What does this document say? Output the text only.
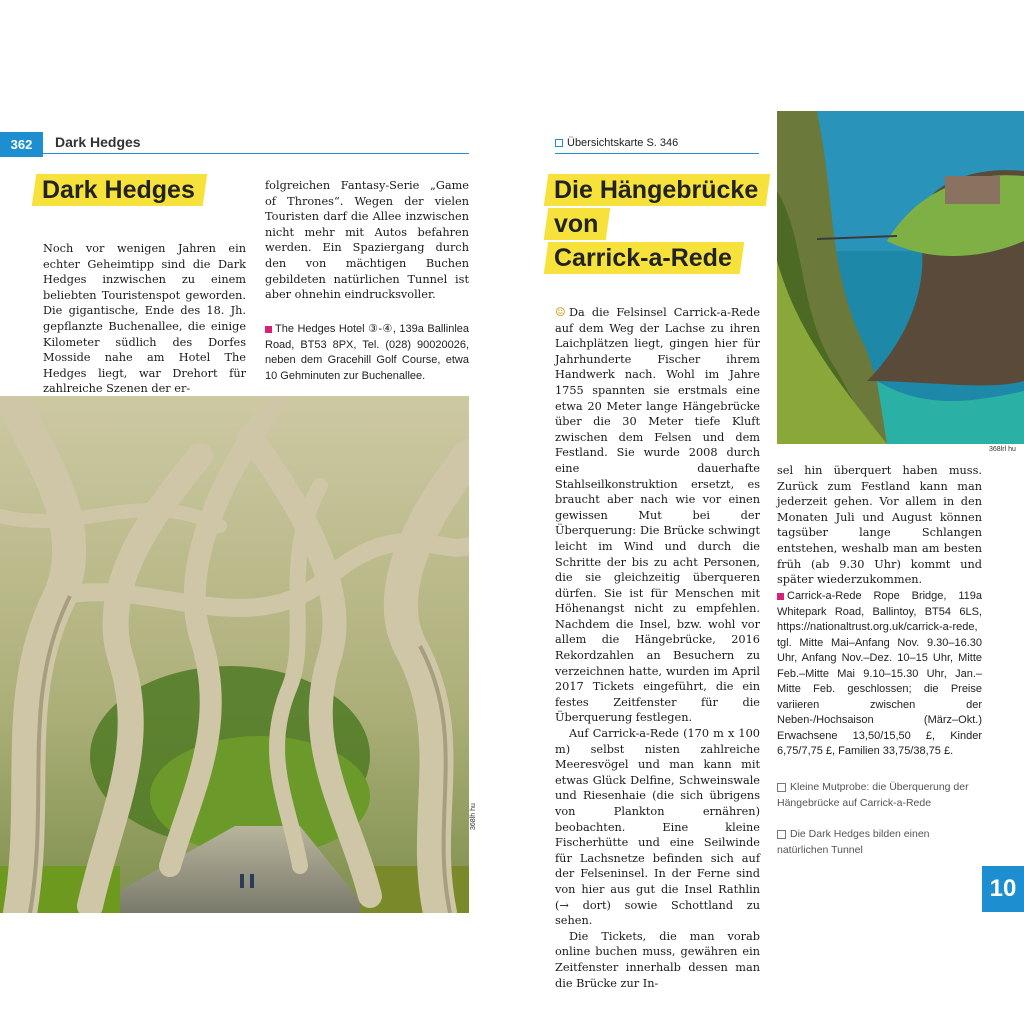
362	Dark Hedges
Dark Hedges
Noch vor wenigen Jahren ein echter Geheimtipp sind die Dark Hedges inzwischen zu einem beliebten Touristenspot geworden. Die gigantische, Ende des 18. Jh. gepflanzte Buchenallee, die einige Kilometer südlich des Dorfes Mosside nahe am Hotel The Hedges liegt, war Drehort für zahlreiche Szenen der er-
folgreichen Fantasy-Serie „Game of Thrones“. Wegen der vielen Touristen darf die Allee inzwischen nicht mehr mit Autos befahren werden. Ein Spaziergang durch den von mächtigen Buchen gebildeten natürlichen Tunnel ist aber ohnehin eindrucksvoller.
The Hedges Hotel ③-④, 139a Ballinlea Road, BT53 8PX, Tel. (028) 90020026, neben dem Gracehill Golf Course, etwa 10 Gehminuten zur Buchenallee.
368lh hu
Übersichtskarte S. 346
Die Hängebrücke
von
Carrick-a-Rede

Da die Felsinsel Carrick-a-Rede auf dem Weg der Lachse zu ihren Laichplätzen liegt, gingen hier für Jahrhunderte Fischer ihrem Handwerk nach. Wohl im Jahre 1755 spannten sie erstmals eine etwa 20 Meter lange Hängebrücke über die 30 Meter tiefe Kluft zwischen dem Felsen und dem Festland. Sie wurde 2008 durch eine dauerhafte Stahlseilkonstruktion ersetzt, es braucht aber nach wie vor einen gewissen Mut bei der Überquerung: Die Brücke schwingt leicht im Wind und durch die Schritte der bis zu acht Personen, die sie gleichzeitig überqueren dürfen. Sie ist für Menschen mit Höhenangst nicht zu empfehlen. Nachdem die Insel, bzw. wohl vor allem die Hängebrücke, 2016 Rekordzahlen an Besuchern zu verzeichnen hatte, wurden im April 2017 Tickets eingeführt, die ein festes Zeitfenster für die Überquerung festlegen.

Auf Carrick-a-Rede (170 m x 100 m) selbst nisten zahlreiche Meeresvögel und man kann mit etwas Glück Delfine, Schweinswale und Riesenhaie (die sich übrigens von Plankton ernähren) beobachten. Eine kleine Fischerhütte und eine Seilwinde für Lachsnetze befinden sich auf der Felseninsel. In der Ferne sind von hier aus gut die Insel Rathlin (→ dort) sowie Schottland zu sehen.

Die Tickets, die man vorab online buchen muss, gewähren ein Zeitfenster innerhalb dessen man die Brücke zur In-

☺
368lrl hu
sel hin überquert haben muss. Zurück zum Festland kann man jederzeit gehen. Vor allem in den Monaten Juli und August können tagsüber lange Schlangen entstehen, weshalb man am besten früh (ab 9.30 Uhr) kommt und später wiederzukommen.
Carrick-a-Rede Rope Bridge, 119a Whitepark Road, Ballintoy, BT54 6LS, https://nationaltrust.org.uk/carrick-a-rede, tgl. Mitte Mai–Anfang Nov. 9.30–16.30 Uhr, Anfang Nov.–Dez. 10–15 Uhr, Mitte Feb.–Mitte Mai 9.10–15.30 Uhr, Jan.–Mitte Feb. geschlossen; die Preise variieren zwischen der Neben-/Hochsaison (März–Okt.) Erwachsene 13,50/15,50 £, Kinder 6,75/7,75 £, Familien 33,75/38,75 £.
Kleine Mutprobe: die Überquerung der Hängebrücke auf Carrick-a-Rede
Die Dark Hedges bilden einen natürlichen Tunnel
10
